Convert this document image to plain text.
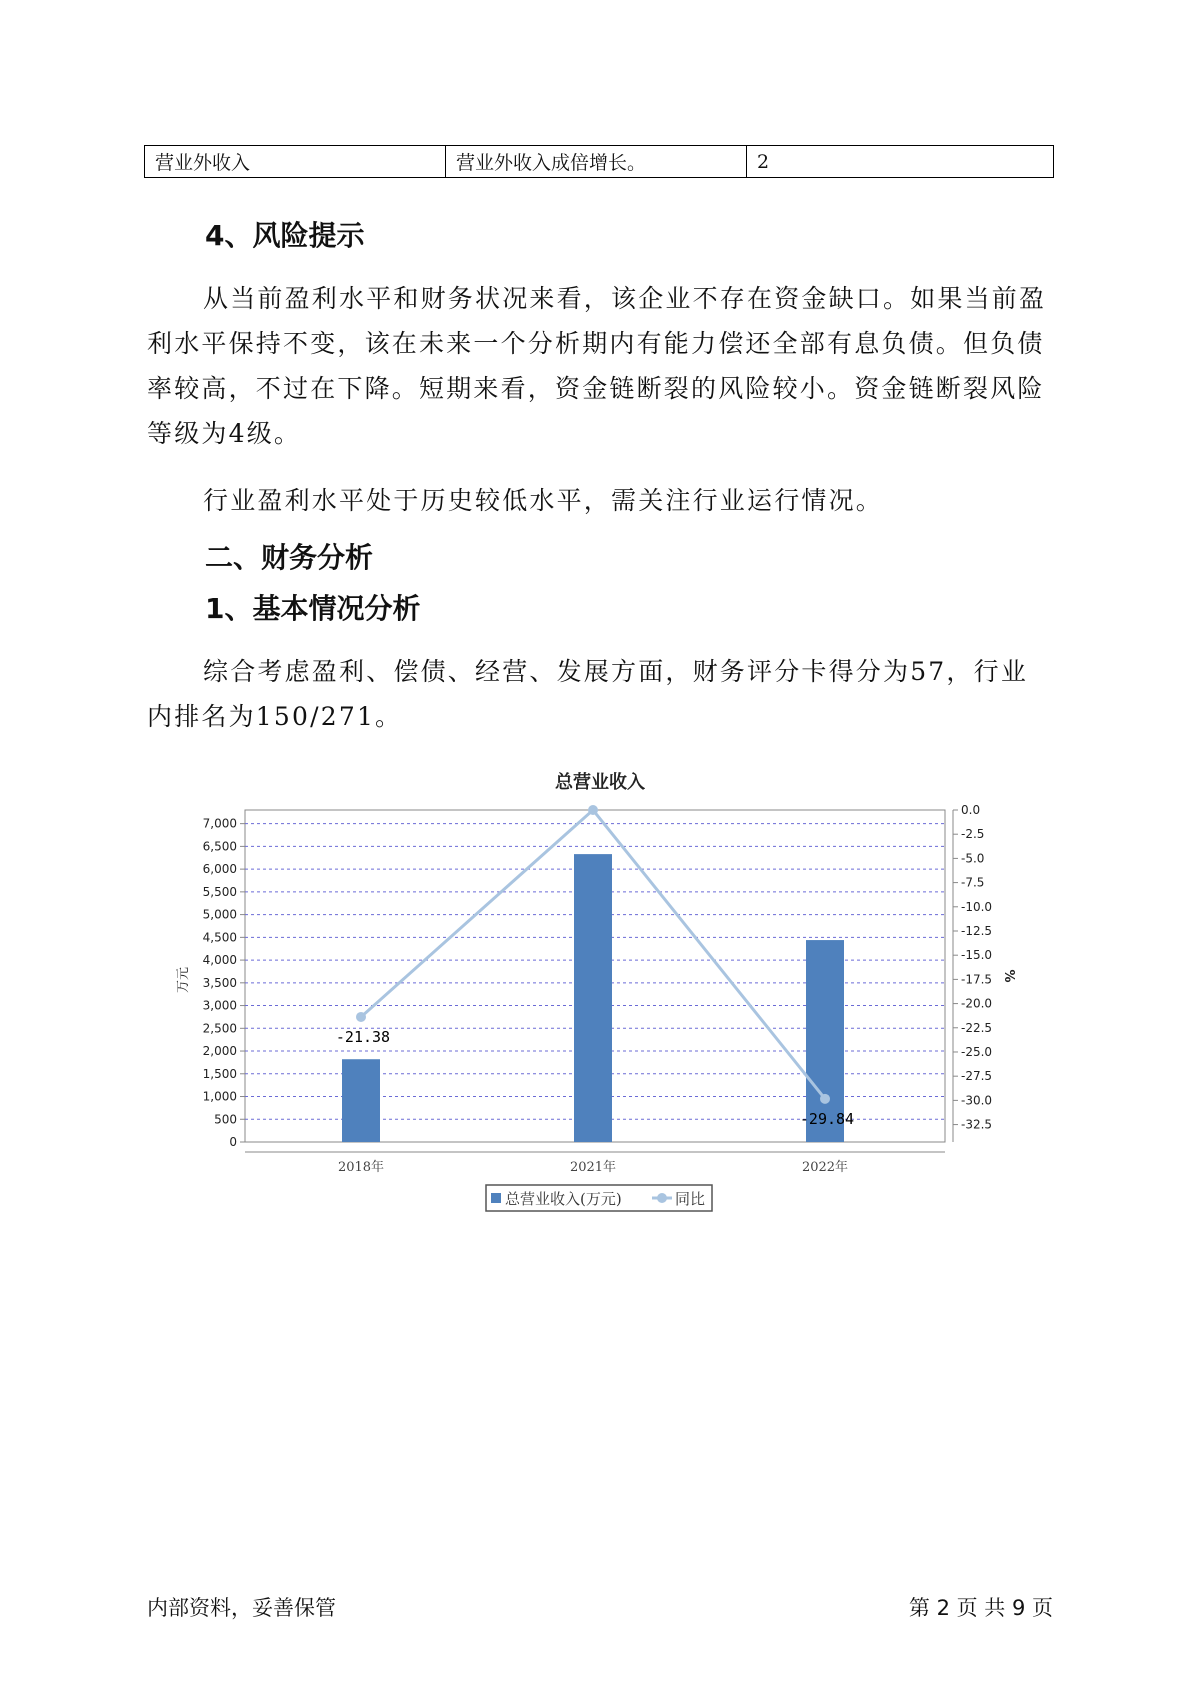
营业外收入	营业外收入成倍增长。	2
4、风险提示
从当前盈利水平和财务状况来看，该企业不存在资金缺口。如果当前盈利水平保持不变，该在未来一个分析期内有能力偿还全部有息负债。但负债率较高，不过在下降。短期来看，资金链断裂的风险较小。资金链断裂风险等级为4级。
行业盈利水平处于历史较低水平，需关注行业运行情况。
二、财务分析
1、基本情况分析
综合考虑盈利、偿债、经营、发展方面，财务评分卡得分为57，行业内排名为150/271。
总营业收入
0
500
1,000
1,500
2,000
2,500
3,000
3,500
4,000
4,500
5,000
5,500
6,000
6,500
7,000
万元
0.0
-2.5
-5.0
-7.5
-10.0
-12.5
-15.0
-17.5
-20.0
-22.5
-25.0
-27.5
-30.0
-32.5
%
2018年	2021年	2022年
-21.38
-29.84
总营业收入(万元)	同比
内部资料，妥善保管	第 2 页 共 9 页
